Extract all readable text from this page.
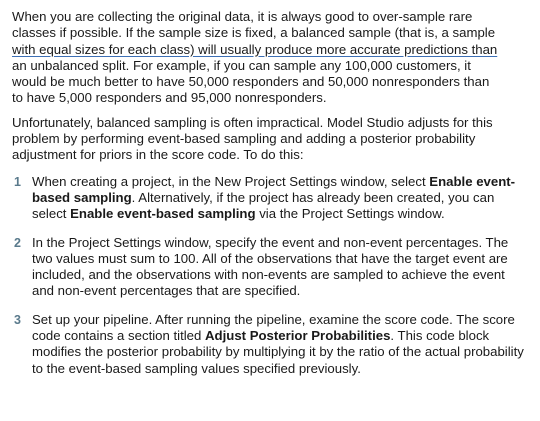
When you are collecting the original data, it is always good to over-sample rare
classes if possible. If the sample size is fixed, a balanced sample (that is, a sample
with equal sizes for each class) will usually produce more accurate predictions than
an unbalanced split. For example, if you can sample any 100,000 customers, it
would be much better to have 50,000 responders and 50,000 nonresponders than
to have 5,000 responders and 95,000 nonresponders.

Unfortunately, balanced sampling is often impractical. Model Studio adjusts for this
problem by performing event-based sampling and adding a posterior probability
adjustment for priors in the score code. To do this:

1 When creating a project, in the New Project Settings window, select Enable event-based sampling. Alternatively, if the project has already been created, you can select Enable event-based sampling via the Project Settings window.
2 In the Project Settings window, specify the event and non-event percentages. The two values must sum to 100. All of the observations that have the target event are included, and the observations with non-events are sampled to achieve the event and non-event percentages that are specified.
3 Set up your pipeline. After running the pipeline, examine the score code. The score code contains a section titled Adjust Posterior Probabilities. This code block modifies the posterior probability by multiplying it by the ratio of the actual probability to the event-based sampling values specified previously.
